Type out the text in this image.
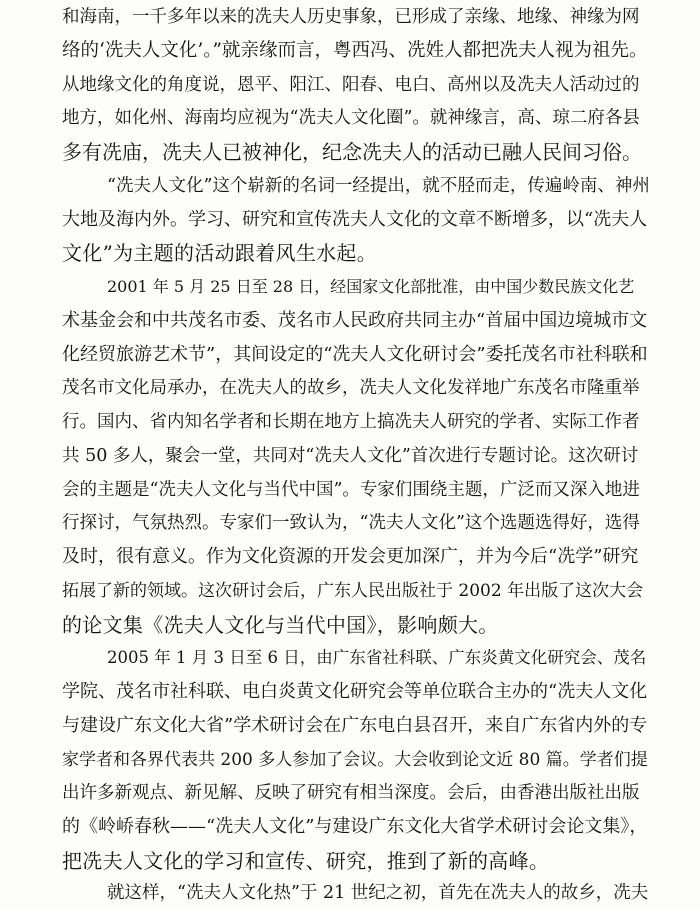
和海南，一千多年以来的冼夫人历史事象，已形成了亲缘、地缘、神缘为网
络的‘冼夫人文化’。”就亲缘而言，粤西冯、冼姓人都把冼夫人视为祖先。
从地缘文化的角度说，恩平、阳江、阳春、电白、高州以及冼夫人活动过的
地方，如化州、海南均应视为“冼夫人文化圈”。就神缘言，高、琼二府各县
多有冼庙，冼夫人已被神化，纪念冼夫人的活动已融人民间习俗。
“冼夫人文化”这个崭新的名词一经提出，就不胫而走，传遍岭南、神州
大地及海内外。学习、研究和宣传冼夫人文化的文章不断增多，以“冼夫人
文化”为主题的活动跟着风生水起。
2001 年 5 月 25 日至 28 日，经国家文化部批准，由中国少数民族文化艺
术基金会和中共茂名市委、茂名市人民政府共同主办“首届中国边境城市文
化经贸旅游艺术节”，其间设定的“冼夫人文化研讨会”委托茂名市社科联和
茂名市文化局承办，在冼夫人的故乡，冼夫人文化发祥地广东茂名市隆重举
行。国内、省内知名学者和长期在地方上搞冼夫人研究的学者、实际工作者
共 50 多人，聚会一堂，共同对“冼夫人文化”首次进行专题讨论。这次研讨
会的主题是“冼夫人文化与当代中国”。专家们围绕主题，广泛而又深入地进
行探讨，气氛热烈。专家们一致认为，“冼夫人文化”这个选题选得好，选得
及时，很有意义。作为文化资源的开发会更加深广，并为今后“冼学”研究
拓展了新的领域。这次研讨会后，广东人民出版社于 2002 年出版了这次大会
的论文集《冼夫人文化与当代中国》，影响颇大。
2005 年 1 月 3 日至 6 日，由广东省社科联、广东炎黄文化研究会、茂名
学院、茂名市社科联、电白炎黄文化研究会等单位联合主办的“冼夫人文化
与建设广东文化大省”学术研讨会在广东电白县召开，来自广东省内外的专
家学者和各界代表共 200 多人参加了会议。大会收到论文近 80 篇。学者们提
出许多新观点、新见解、反映了研究有相当深度。会后，由香港出版社出版
的《岭峤春秋——“冼夫人文化”与建设广东文化大省学术研讨会论文集》，
把冼夫人文化的学习和宣传、研究，推到了新的高峰。
就这样，“冼夫人文化热”于 21 世纪之初，首先在冼夫人的故乡，冼夫
